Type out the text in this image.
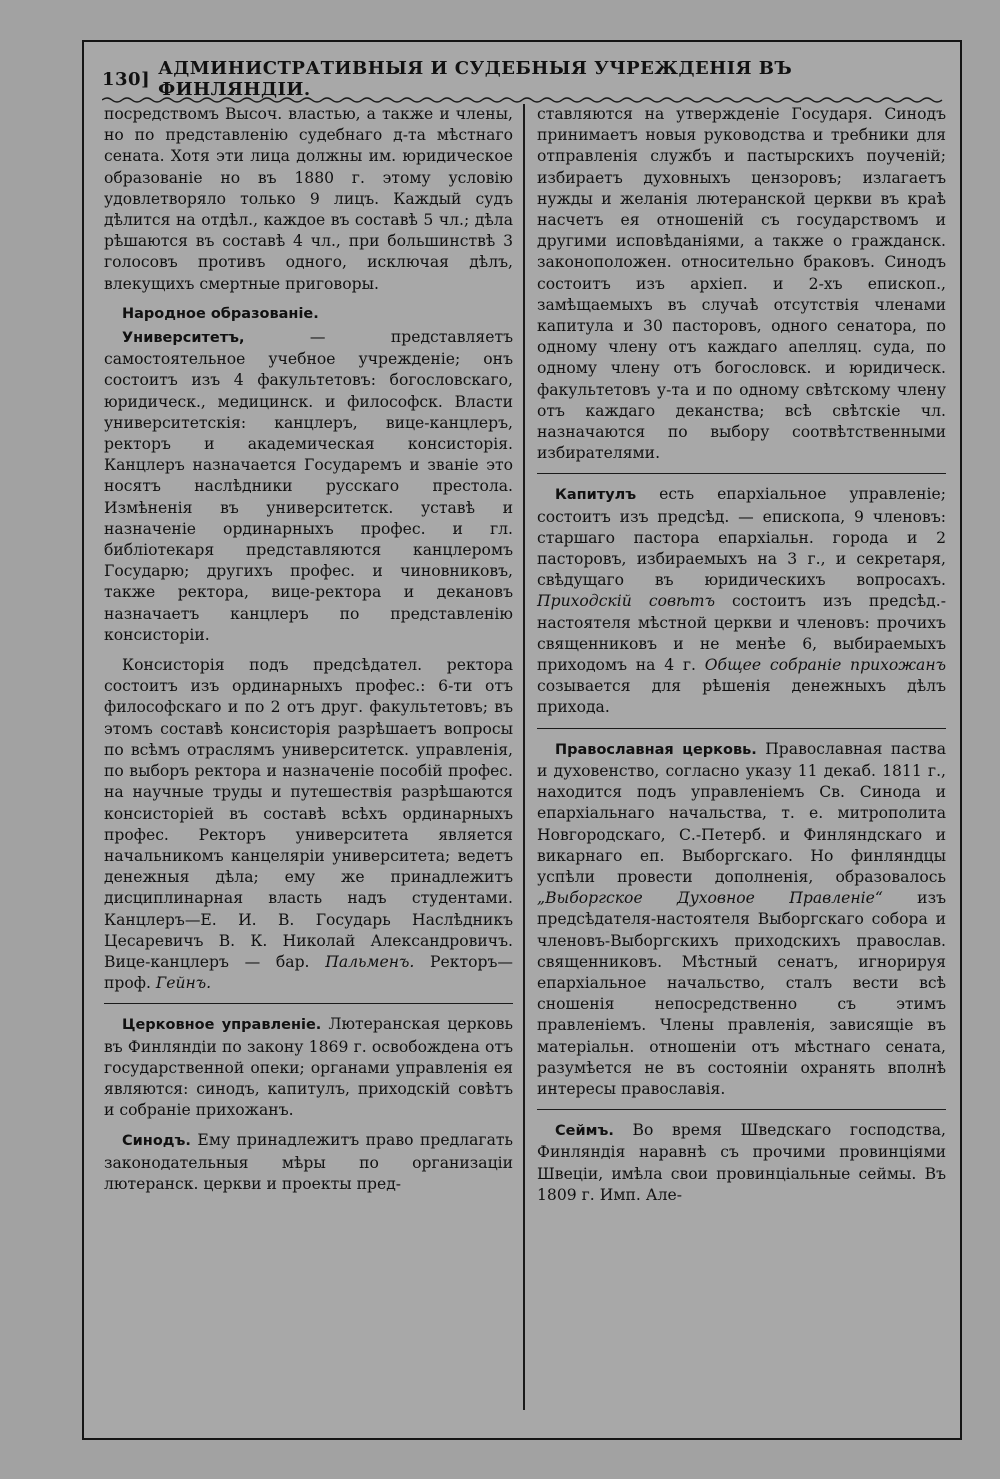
130] АДМИНИСТРАТИВНЫЯ И СУДЕБНЫЯ УЧРЕЖДЕНІЯ ВЪ ФИНЛЯНДІИ.

посредствомъ Высоч. властью, а также и члены, но по представленію судебнаго д-та мѣстнаго сената. Хотя эти лица должны им. юридическое образованіе но въ 1880 г. этому условію удовлетворяло только 9 лицъ. Каждый судъ дѣлится на отдѣл., каждое въ составѣ 5 чл.; дѣла рѣшаются въ составѣ 4 чл., при большинствѣ 3 голосовъ противъ одного, исключая дѣлъ, влекущихъ смертные приговоры.

Народное образованіе.

Университетъ, — представляетъ самостоятельное учебное учрежденіе; онъ состоитъ изъ 4 факультетовъ: богословскаго, юридическ., медицинск. и философск. Власти университетскія: канцлеръ, вице-канцлеръ, ректоръ и академическая консисторія. Канцлеръ назначается Государемъ и званіе это носятъ наслѣдники русскаго престола. Измѣненія въ университетск. уставѣ и назначеніе ординарныхъ профес. и гл. библіотекаря представляются канцлеромъ Государю; другихъ профес. и чиновниковъ, также ректора, вице-ректора и декановъ назначаетъ канцлеръ по представленію консисторіи.

Консисторія подъ предсѣдател. ректора состоитъ изъ ординарныхъ профес.: 6-ти отъ философскаго и по 2 отъ друг. факультетовъ; въ этомъ составѣ консисторія разрѣшаетъ вопросы по всѣмъ отраслямъ университетск. управленія, по выборъ ректора и назначеніе пособій профес. на научные труды и путешествія разрѣшаются консисторіей въ составѣ всѣхъ ординарныхъ профес. Ректоръ университета является начальникомъ канцеляріи университета; ведетъ денежныя дѣла; ему же принадлежитъ дисциплинарная власть надъ студентами. Канцлеръ—Е. И. В. Государь Наслѣдникъ Цесаревичъ В. К. Николай Александровичъ. Вице-канцлеръ — бар. Пальменъ. Ректоръ—проф. Гейнъ.

Церковное управленіе. Лютеранская церковь въ Финляндіи по закону 1869 г. освобождена отъ государственной опеки; органами управленія ея являются: синодъ, капитулъ, приходскій совѣтъ и собраніе прихожанъ.

Синодъ. Ему принадлежитъ право предлагать законодательныя мѣры по организаціи лютеранск. церкви и проекты пред-

ставляются на утвержденіе Государя. Синодъ принимаетъ новыя руководства и требники для отправленія службъ и пастырскихъ поученій; избираетъ духовныхъ цензоровъ; излагаетъ нужды и желанія лютеранской церкви въ краѣ насчетъ ея отношеній съ государствомъ и другими исповѣданіями, а также о гражданск. законоположен. относительно браковъ. Синодъ состоитъ изъ архіеп. и 2-хъ епископ., замѣщаемыхъ въ случаѣ отсутствія членами капитула и 30 пасторовъ, одного сенатора, по одному члену отъ каждаго апелляц. суда, по одному члену отъ богословск. и юридическ. факультетовъ у-та и по одному свѣтскому члену отъ каждаго деканства; всѣ свѣтскіе чл. назначаются по выбору соотвѣтственными избирателями.

Капитулъ есть епархіальное управленіе; состоитъ изъ предсѣд. — епископа, 9 членовъ: старшаго пастора епархіальн. города и 2 пасторовъ, избираемыхъ на 3 г., и секретаря, свѣдущаго въ юридическихъ вопросахъ. Приходскій совѣтъ состоитъ изъ предсѣд.-настоятеля мѣстной церкви и членовъ: прочихъ священниковъ и не менѣе 6, выбираемыхъ приходомъ на 4 г. Общее собраніе прихожанъ созывается для рѣшенія денежныхъ дѣлъ прихода.

Православная церковь. Православная паства и духовенство, согласно указу 11 декаб. 1811 г., находится подъ управленіемъ Св. Синода и епархіальнаго начальства, т. е. митрополита Новгородскаго, С.-Петерб. и Финляндскаго и викарнаго еп. Выборгскаго. Но финляндцы успѣли провести дополненія, образовалось „Выборгское Духовное Правленіе“ изъ предсѣдателя-настоятеля Выборгскаго собора и членовъ-Выборгскихъ приходскихъ православ. священниковъ. Мѣстный сенатъ, игнорируя епархіальное начальство, сталъ вести всѣ сношенія непосредственно съ этимъ правленіемъ. Члены правленія, зависящіе въ матеріальн. отношеніи отъ мѣстнаго сената, разумѣется не въ состояніи охранять вполнѣ интересы православія.

Сеймъ. Во время Шведскаго господства, Финляндія наравнѣ съ прочими провинціями Швеціи, имѣла свои провинціальные сеймы. Въ 1809 г. Имп. Але-
